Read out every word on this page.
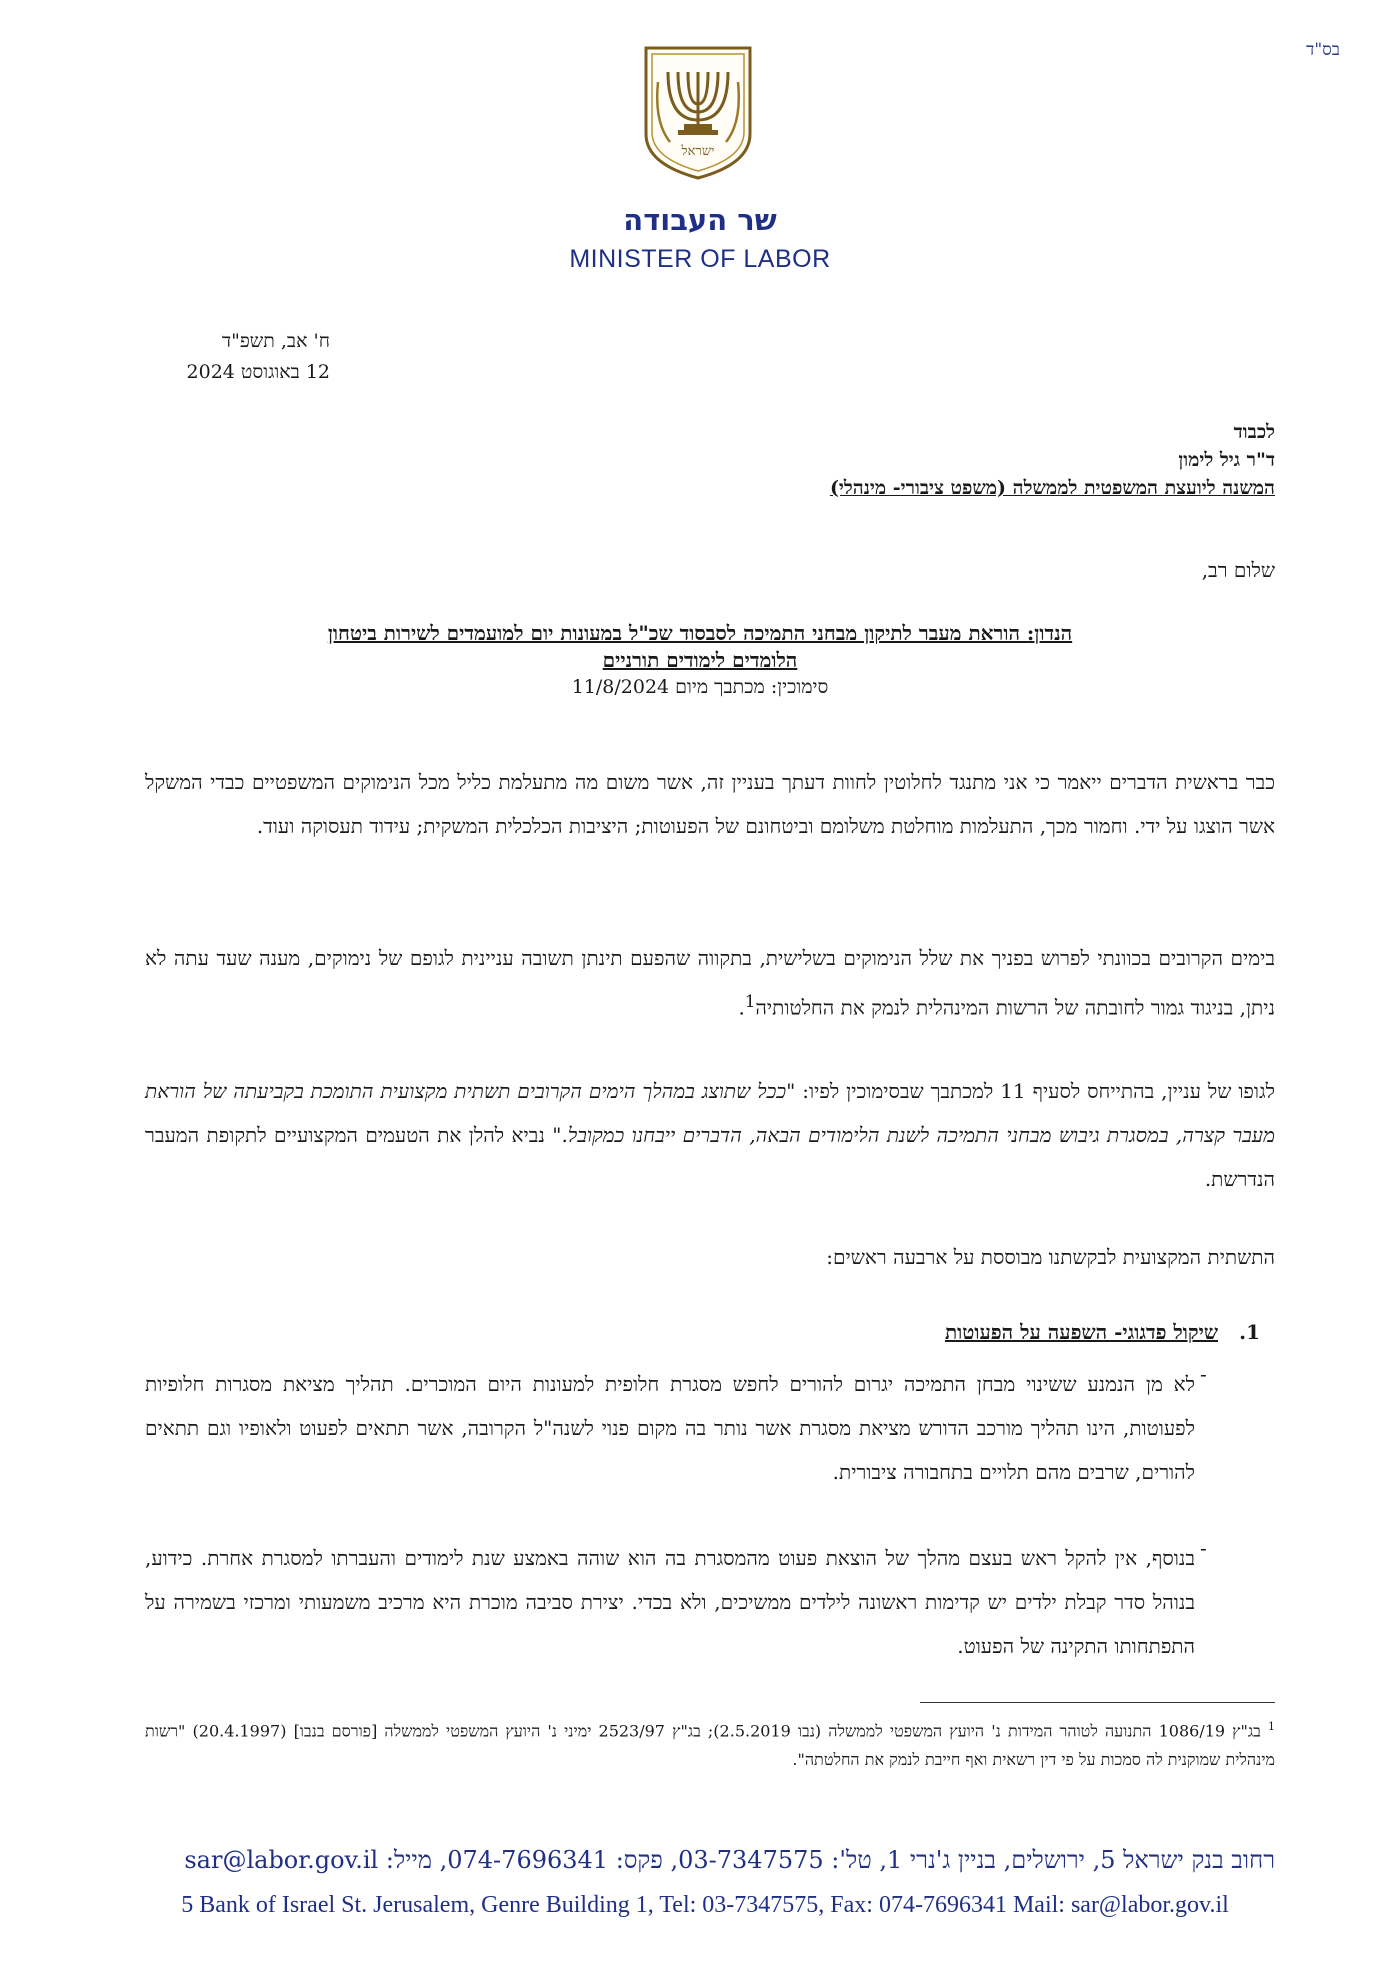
בס"ד
ישראל
שר העבודה
MINISTER OF LABOR
ח' אב, תשפ"ד
12 באוגוסט 2024
לכבוד
ד"ר גיל לימון
המשנה ליועצת המשפטית לממשלה (משפט ציבורי- מינהלי)
שלום רב,
הנדון: הוראת מעבר לתיקון מבחני התמיכה לסבסוד שכ"ל במעונות יום למועמדים לשירות ביטחון
הלומדים לימודים תורניים
סימוכין: מכתבך מיום 11/8/2024
כבר בראשית הדברים ייאמר כי אני מתנגד לחלוטין לחוות דעתך בעניין זה, אשר משום מה מתעלמת כליל מכל הנימוקים המשפטיים כבדי המשקל אשר הוצגו על ידי. וחמור מכך, התעלמות מוחלטת משלומם וביטחונם של הפעוטות; היציבות הכלכלית המשקית; עידוד תעסוקה ועוד.
בימים הקרובים בכוונתי לפרוש בפניך את שלל הנימוקים בשלישית, בתקווה שהפעם תינתן תשובה עניינית לגופם של נימוקים, מענה שעד עתה לא ניתן, בניגוד גמור לחובתה של הרשות המינהלית לנמק את החלטותיה$^1$.
לגופו של עניין, בהתייחס לסעיף 11 למכתבך שבסימוכין לפיו: "ככל שתוצג במהלך הימים הקרובים תשתית מקצועית התומכת בקביעתה של הוראת מעבר קצרה, במסגרת גיבוש מבחני התמיכה לשנת הלימודים הבאה, הדברים ייבחנו כמקובל." נביא להלן את הטעמים המקצועיים לתקופת המעבר הנדרשת.
התשתית המקצועית לבקשתנו מבוססת על ארבעה ראשים:
1.שיקול פדגוגי- השפעה על הפעוטות
-
לא מן הנמנע ששינוי מבחן התמיכה יגרום להורים לחפש מסגרת חלופית למעונות היום המוכרים. תהליך מציאת מסגרות חלופיות לפעוטות, הינו תהליך מורכב הדורש מציאת מסגרת אשר נותר בה מקום פנוי לשנה"ל הקרובה, אשר תתאים לפעוט ולאופיו וגם תתאים להורים, שרבים מהם תלויים בתחבורה ציבורית.
-
בנוסף, אין להקל ראש בעצם מהלך של הוצאת פעוט מהמסגרת בה הוא שוהה באמצע שנת לימודים והעברתו למסגרת אחרת. כידוע, בנוהל סדר קבלת ילדים יש קדימות ראשונה לילדים ממשיכים, ולא בכדי. יצירת סביבה מוכרת היא מרכיב משמעותי ומרכזי בשמירה על התפתחותו התקינה של הפעוט.
$^1$ בג"ץ 1086/19 התנועה לטוהר המידות נ' היועץ המשפטי לממשלה (נבו 2.5.2019); בג"ץ 2523/97 ימיני נ' היועץ המשפטי לממשלה [פורסם בנבו] (20.4.1997) "רשות מינהלית שמוקנית לה סמכות על פי דין רשאית ואף חייבת לנמק את החלטתה".
רחוב בנק ישראל 5, ירושלים, בניין ג'נרי 1, טל': 03-7347575, פקס: 074-7696341, מייל: sar@labor.gov.il
5 Bank of Israel St. Jerusalem, Genre Building 1, Tel: 03-7347575, Fax: 074-7696341 Mail: sar@labor.gov.il
